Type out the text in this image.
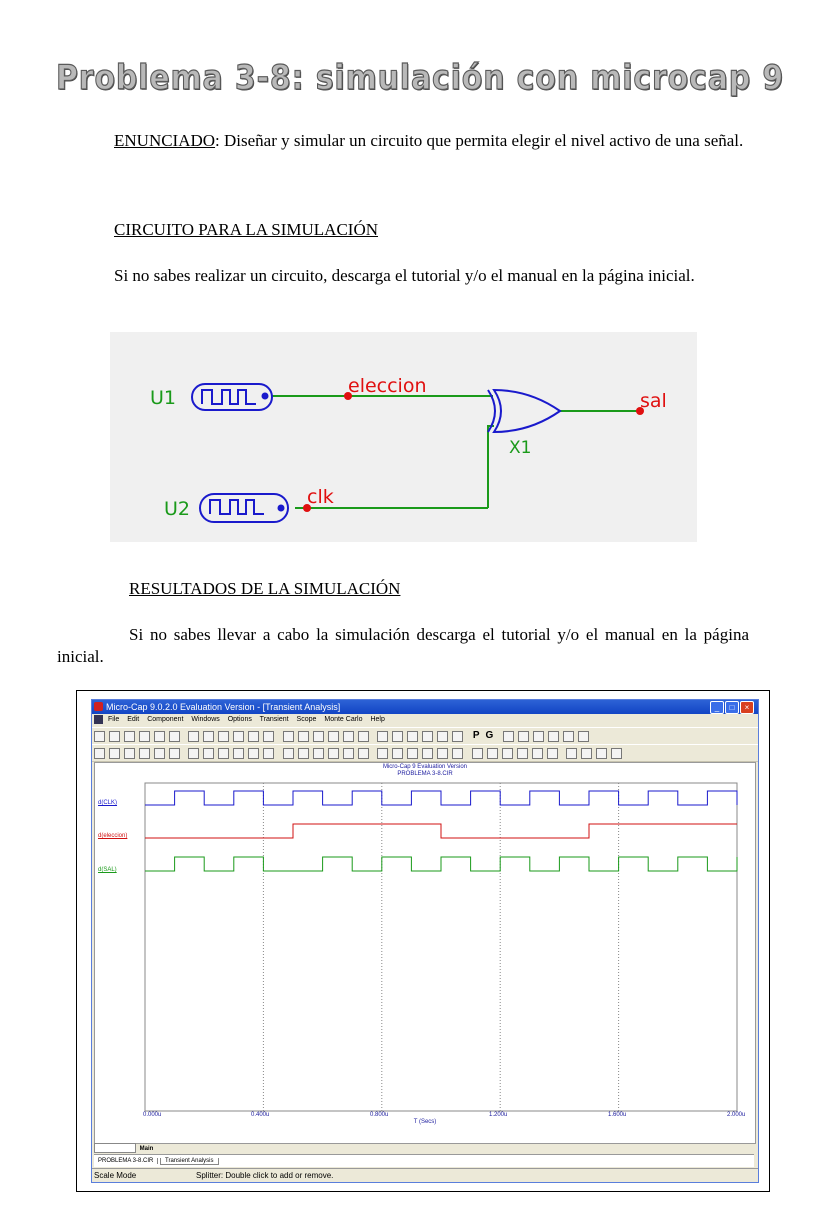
Problema 3-8: simulación con microcap 9
ENUNCIADO: Diseñar y simular un circuito que permita elegir el nivel activo de una señal.
CIRCUITO PARA LA SIMULACIÓN
Si no sabes realizar un circuito, descarga el tutorial y/o el manual en la página inicial.
U1
U2
eleccion
clk
sal
X1
RESULTADOS DE LA SIMULACIÓN
Si no sabes llevar a cabo la simulación descarga el tutorial y/o el manual en la página inicial.
Micro-Cap 9.0.2.0 Evaluation Version - [Transient Analysis]	_	□	×
File Edit Component Windows Options Transient Scope Monte Carlo Help
P G

Micro-Cap 9 Evaluation Version
PROBLEMA 3-8.CIR
d(CLK)
d(eleccion)
d(SAL)
0.000u	0.400u	0.800u	1.200u	1.600u	2.000u
T (Secs)
Main
PROBLEMA 3-8.CIR Transient Analysis
Scale Mode	Splitter: Double click to add or remove.
